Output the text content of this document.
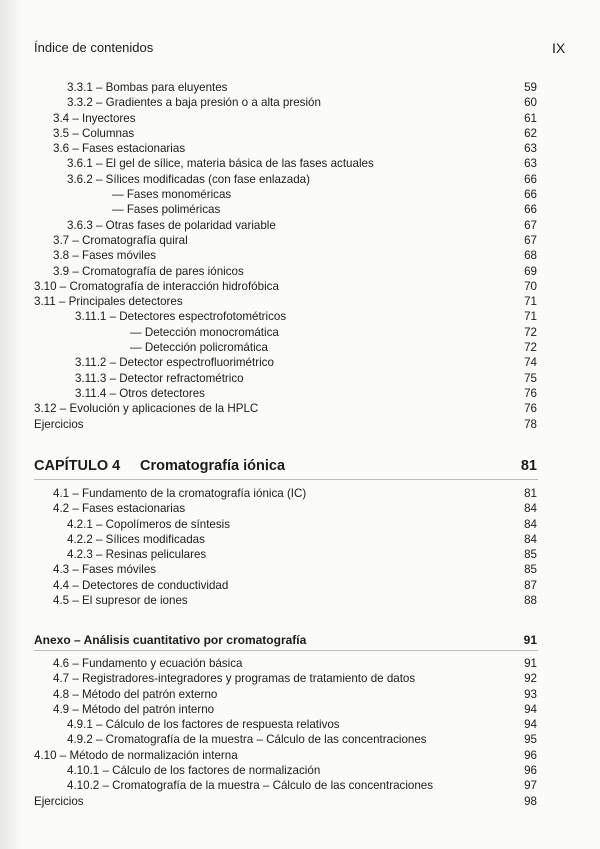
Índice de contenidos	IX
3.3.1 – Bombas para eluyentes	59
3.3.2 – Gradientes a baja presión o a alta presión	60
3.4 – Inyectores	61
3.5 – Columnas	62
3.6 – Fases estacionarias	63
3.6.1 – El gel de sílice, materia básica de las fases actuales	63
3.6.2 – Sílices modificadas (con fase enlazada)	66
— Fases monoméricas	66
— Fases poliméricas	66
3.6.3 – Otras fases de polaridad variable	67
3.7 – Cromatografía quiral	67
3.8 – Fases móviles	68
3.9 – Cromatografía de pares iónicos	69
3.10 – Cromatografía de interacción hidrofóbica	70
3.11 – Principales detectores	71
3.11.1 – Detectores espectrofotométricos	71
— Detección monocromática	72
— Detección policromática	72
3.11.2 – Detector espectrofluorimétrico	74
3.11.3 – Detector refractométrico	75
3.11.4 – Otros detectores	76
3.12 – Evolución y aplicaciones de la HPLC	76
Ejercicios	78
CAPÍTULO 4 Cromatografía iónica	81
4.1 – Fundamento de la cromatografía iónica (IC)	81
4.2 – Fases estacionarias	84
4.2.1 – Copolímeros de síntesis	84
4.2.2 – Sílices modificadas	84
4.2.3 – Resinas peliculares	85
4.3 – Fases móviles	85
4.4 – Detectores de conductividad	87
4.5 – El supresor de iones	88
Anexo – Análisis cuantitativo por cromatografía	91
4.6 – Fundamento y ecuación básica	91
4.7 – Registradores-integradores y programas de tratamiento de datos	92
4.8 – Método del patrón externo	93
4.9 – Método del patrón interno	94
4.9.1 – Cálculo de los factores de respuesta relativos	94
4.9.2 – Cromatografía de la muestra – Cálculo de las concentraciones	95
4.10 – Método de normalización interna	96
4.10.1 – Cálculo de los factores de normalización	96
4.10.2 – Cromatografía de la muestra – Cálculo de las concentraciones	97
Ejercicios	98
